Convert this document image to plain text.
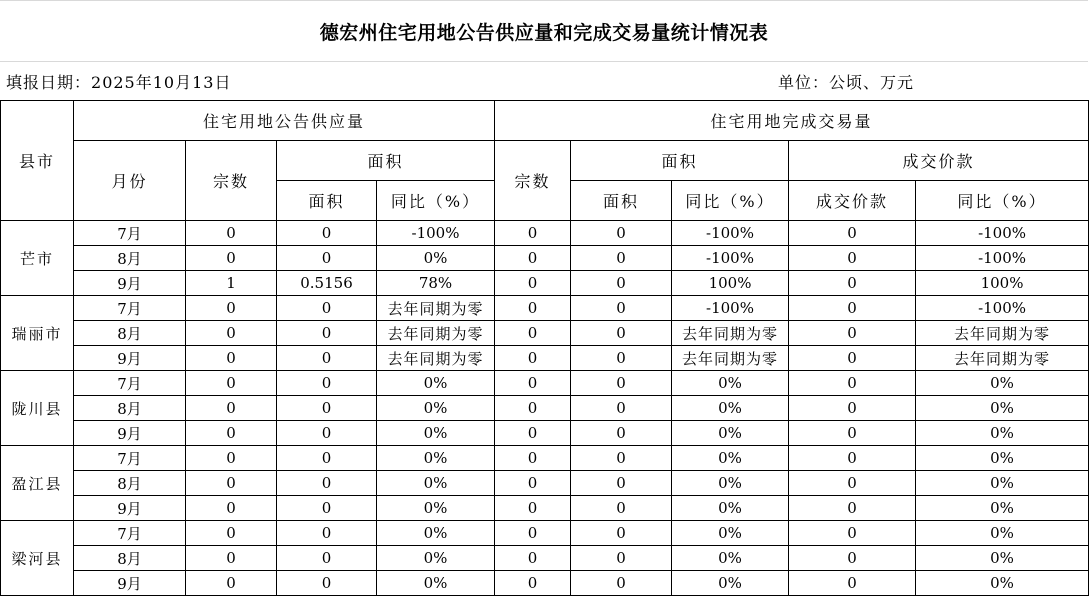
德宏州住宅用地公告供应量和完成交易量统计情况表
填报日期：2025年10月13日	单位：公顷、万元
县市	住宅用地公告供应量				住宅用地完成交易量				
	月份	宗数	面积		宗数	面积		成交价款	
			面积	同比（%）		面积	同比（%）	成交价款	同比（%）
芒市	7月	0	0	-100%	0	0	-100%	0	-100%
	8月	0	0	0%	0	0	-100%	0	-100%
	9月	1	0.5156	78%	0	0	100%	0	100%
瑞丽市	7月	0	0	去年同期为零	0	0	-100%	0	-100%
	8月	0	0	去年同期为零	0	0	去年同期为零	0	去年同期为零
	9月	0	0	去年同期为零	0	0	去年同期为零	0	去年同期为零
陇川县	7月	0	0	0%	0	0	0%	0	0%
	8月	0	0	0%	0	0	0%	0	0%
	9月	0	0	0%	0	0	0%	0	0%
盈江县	7月	0	0	0%	0	0	0%	0	0%
	8月	0	0	0%	0	0	0%	0	0%
	9月	0	0	0%	0	0	0%	0	0%
梁河县	7月	0	0	0%	0	0	0%	0	0%
	8月	0	0	0%	0	0	0%	0	0%
	9月	0	0	0%	0	0	0%	0	0%
